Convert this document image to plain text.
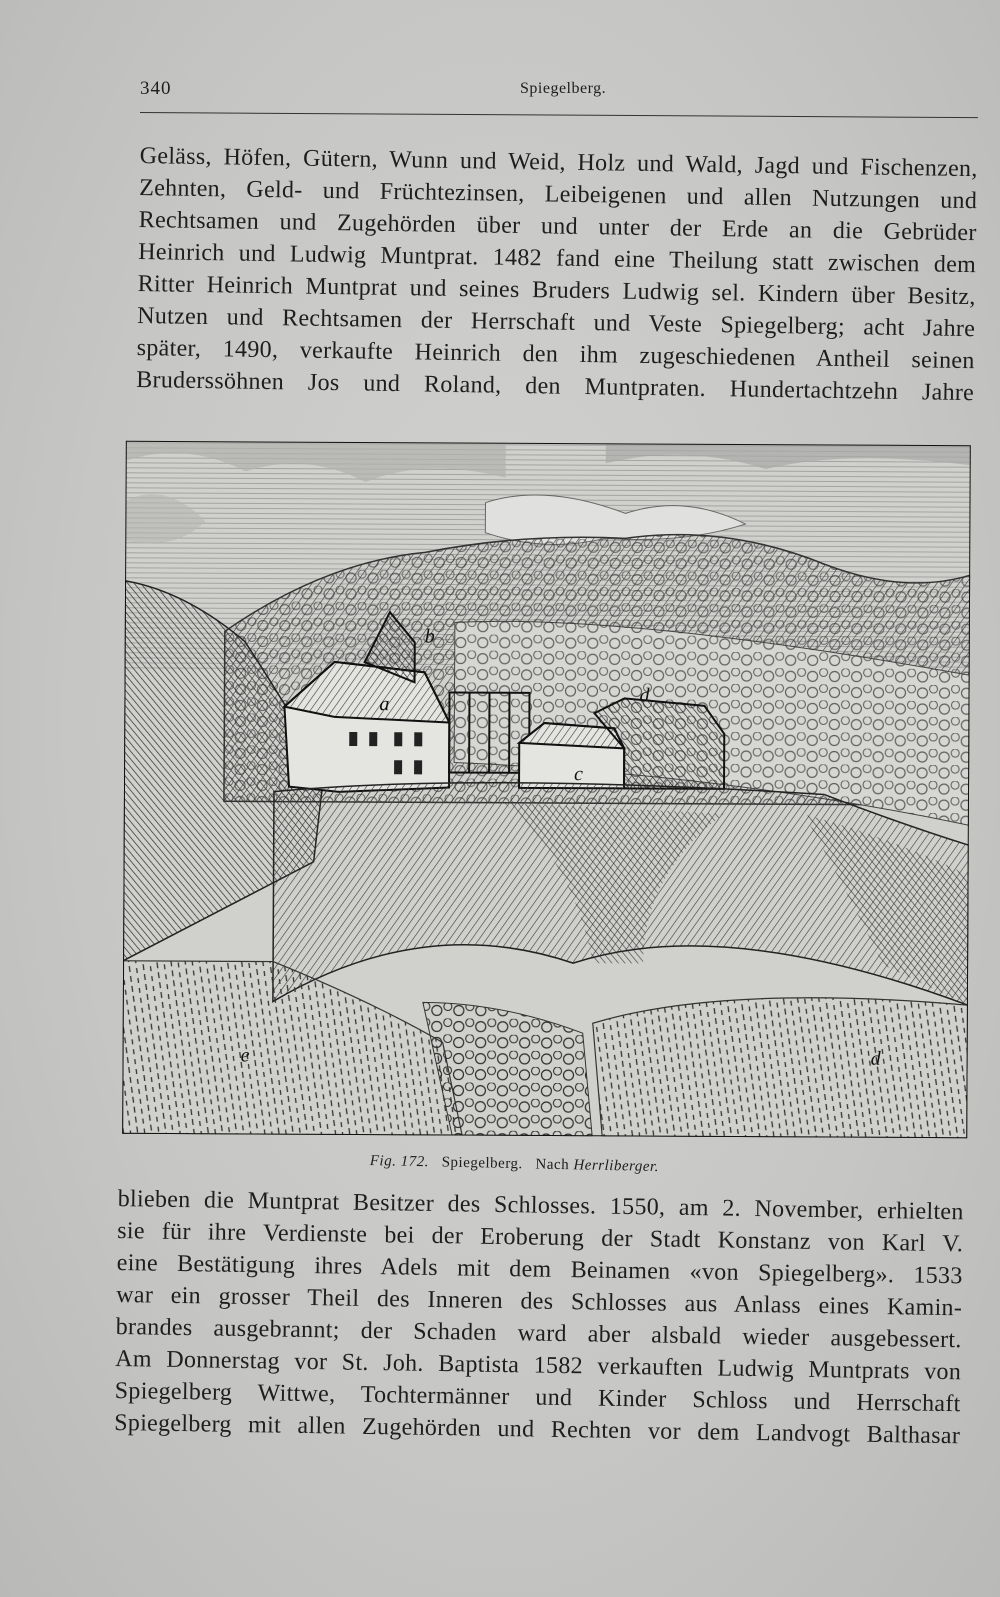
340	Spiegelberg.
Geläss, Höfen, Gütern, Wunn und Weid, Holz und Wald, Jagd und Fischenzen,
Zehnten, Geld- und Früchtezinsen, Leibeigenen und allen Nutzungen und
Rechtsamen und Zugehörden über und unter der Erde an die Gebrüder
Heinrich und Ludwig Muntprat. 1482 fand eine Theilung statt zwischen dem
Ritter Heinrich Muntprat und seines Bruders Ludwig sel. Kindern über Besitz,
Nutzen und Rechtsamen der Herrschaft und Veste Spiegelberg; acht Jahre
später, 1490, verkaufte Heinrich den ihm zugeschiedenen Antheil seinen
Bruderssöhnen Jos und Roland, den Muntpraten. Hundertachtzehn Jahre
a
b
c
d
e	d
Fig. 172. Spiegelberg. Nach Herrliberger.
blieben die Muntprat Besitzer des Schlosses. 1550, am 2. November, erhielten
sie für ihre Verdienste bei der Eroberung der Stadt Konstanz von Karl V.
eine Bestätigung ihres Adels mit dem Beinamen «von Spiegelberg». 1533
war ein grosser Theil des Inneren des Schlosses aus Anlass eines Kamin-
brandes ausgebrannt; der Schaden ward aber alsbald wieder ausgebessert.
Am Donnerstag vor St. Joh. Baptista 1582 verkauften Ludwig Muntprats von
Spiegelberg Wittwe, Tochtermänner und Kinder Schloss und Herrschaft
Spiegelberg mit allen Zugehörden und Rechten vor dem Landvogt Balthasar
